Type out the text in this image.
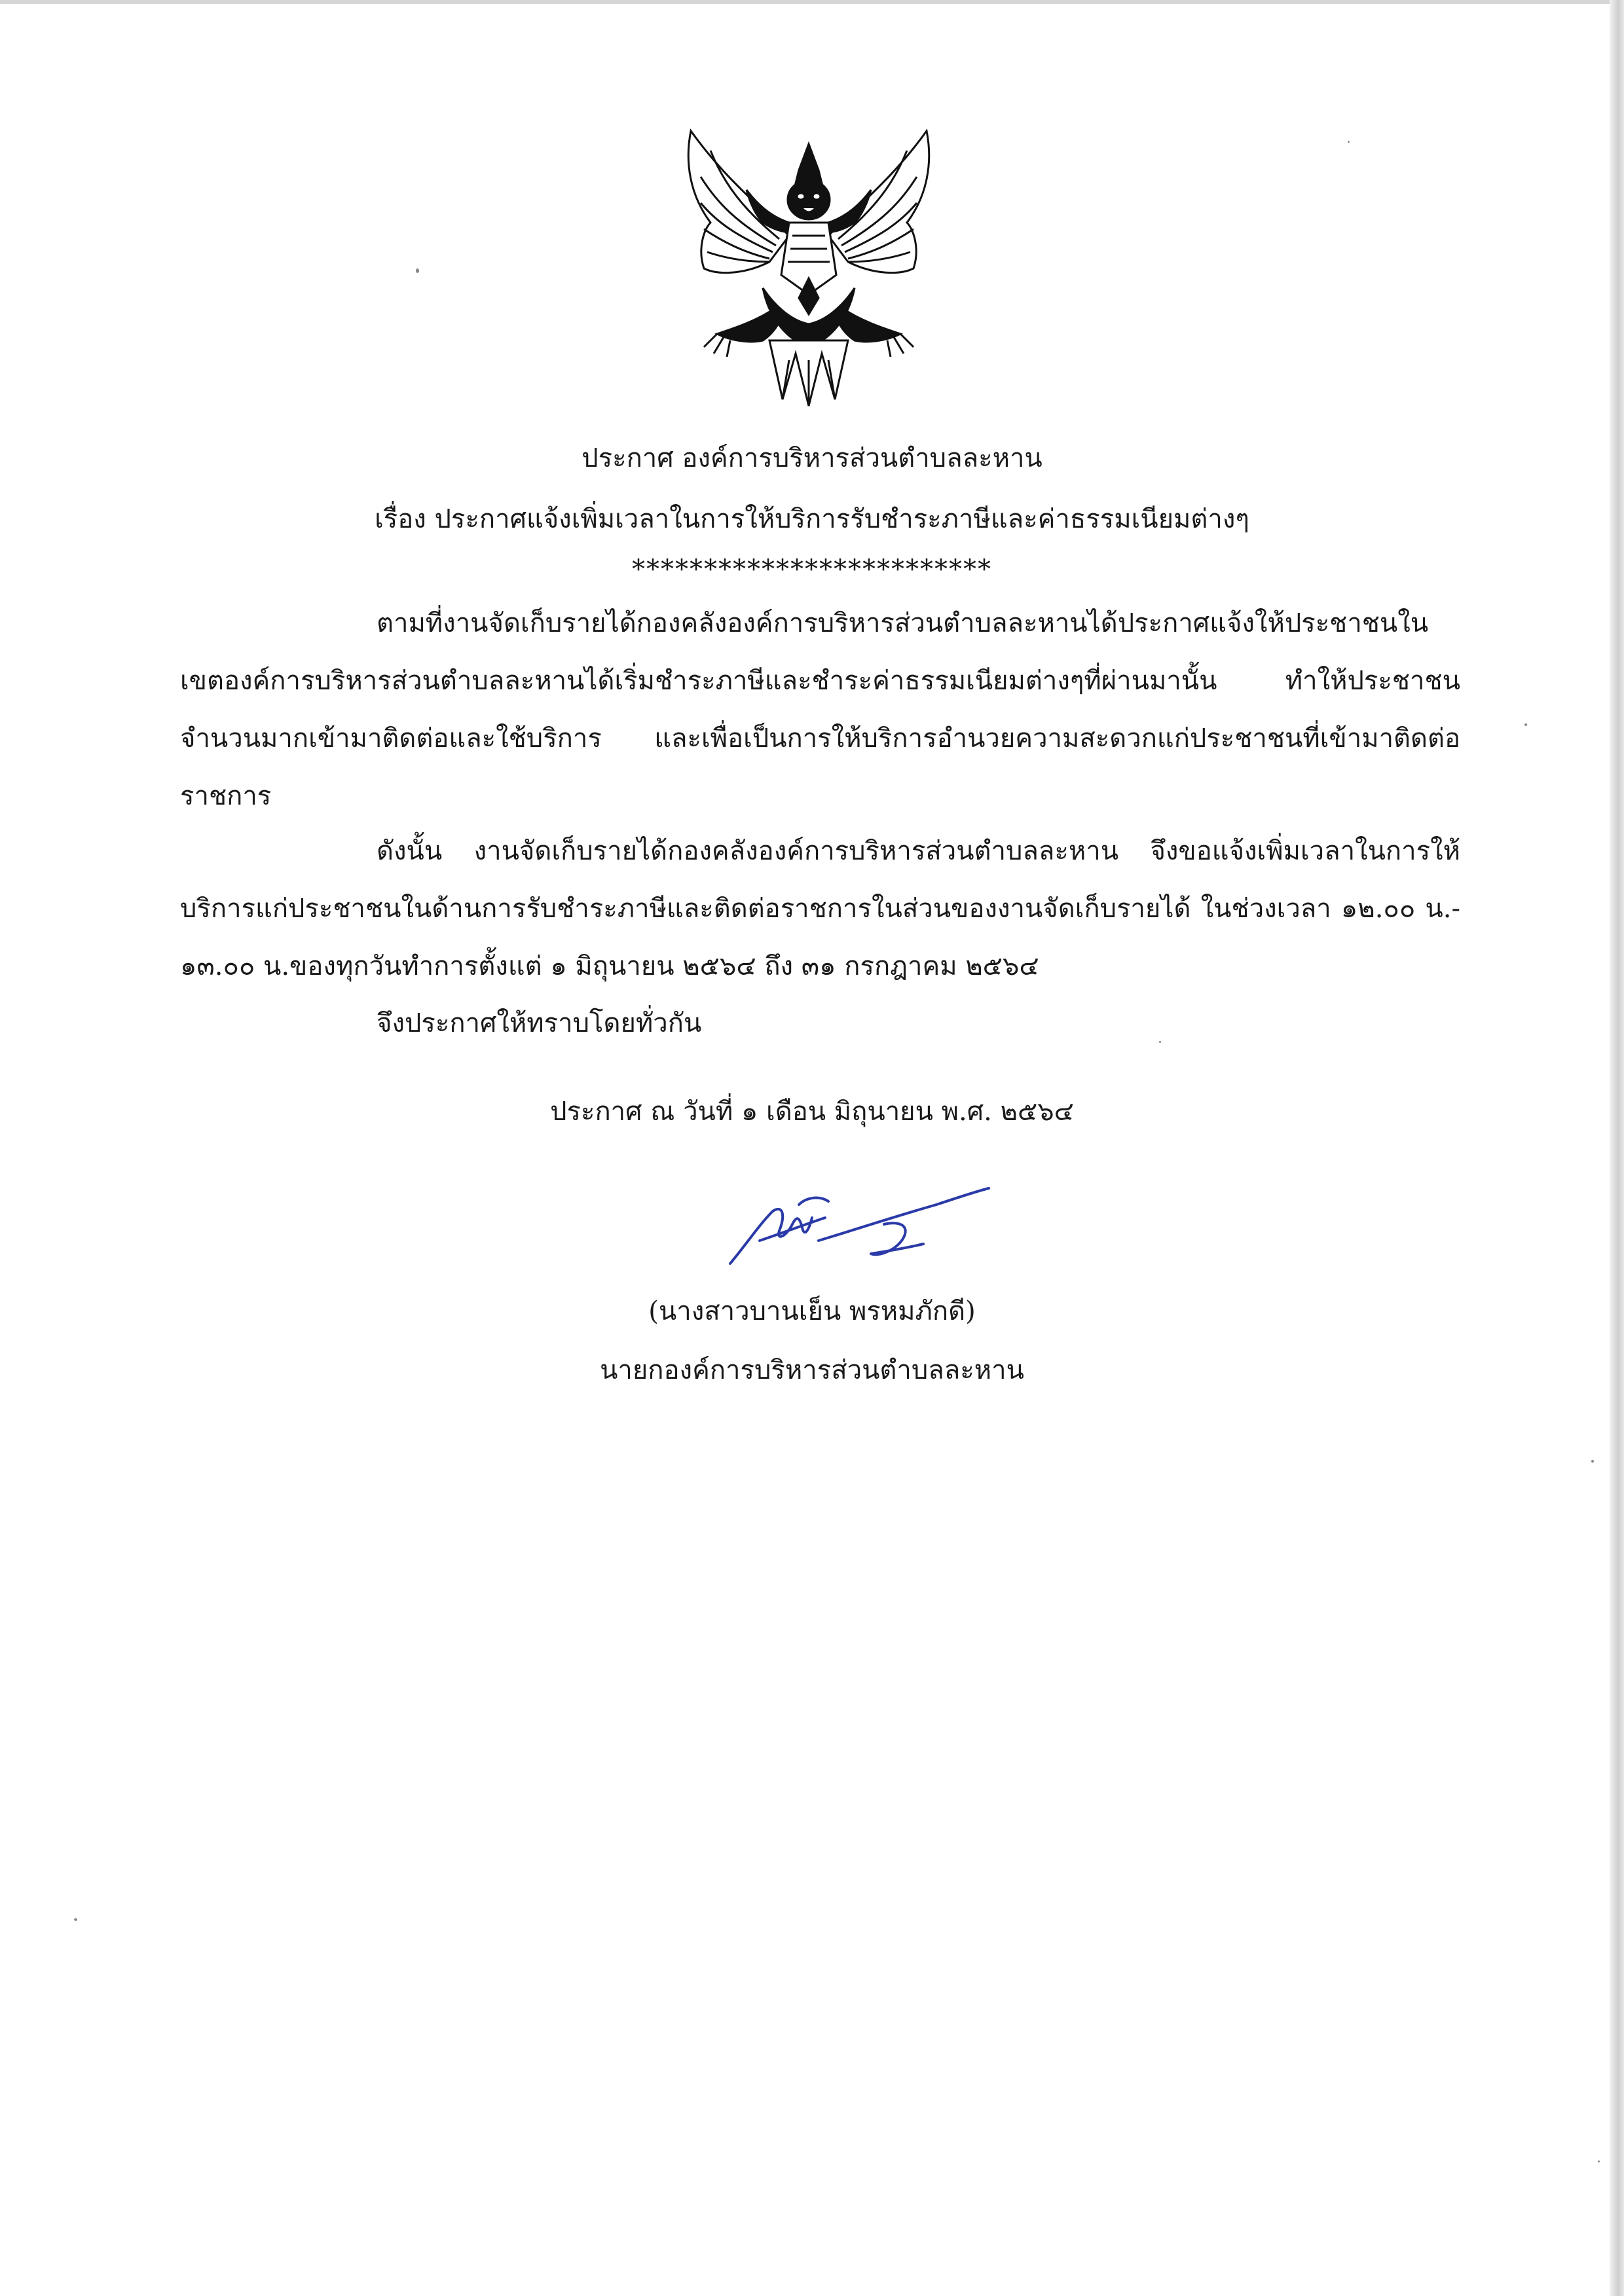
ประกาศ องค์การบริหารส่วนตำบลละหาน

เรื่อง ประกาศแจ้งเพิ่มเวลาในการให้บริการรับชำระภาษีและค่าธรรมเนียมต่างๆ

*************************

ตามที่งานจัดเก็บรายได้กองคลังองค์การบริหารส่วนตำบลละหานได้ประกาศแจ้งให้ประชาชนในเขตองค์การบริหารส่วนตำบลละหานได้เริ่มชำระภาษีและชำระค่าธรรมเนียมต่างๆที่ผ่านมานั้น ทำให้ประชาชนจำนวนมากเข้ามาติดต่อและใช้บริการ และเพื่อเป็นการให้บริการอำนวยความสะดวกแก่ประชาชนที่เข้ามาติดต่อราชการ

ดังนั้น งานจัดเก็บรายได้กองคลังองค์การบริหารส่วนตำบลละหาน จึงขอแจ้งเพิ่มเวลาในการให้บริการแก่ประชาชนในด้านการรับชำระภาษีและติดต่อราชการในส่วนของงานจัดเก็บรายได้ ในช่วงเวลา ๑๒.๐๐ น.- ๑๓.๐๐ น.ของทุกวันทำการตั้งแต่ ๑ มิถุนายน ๒๕๖๔ ถึง ๓๑ กรกฎาคม ๒๕๖๔

จึงประกาศให้ทราบโดยทั่วกัน

ประกาศ ณ วันที่ ๑ เดือน มิถุนายน พ.ศ. ๒๕๖๔

(นางสาวบานเย็น พรหมภักดี)

นายกองค์การบริหารส่วนตำบลละหาน
